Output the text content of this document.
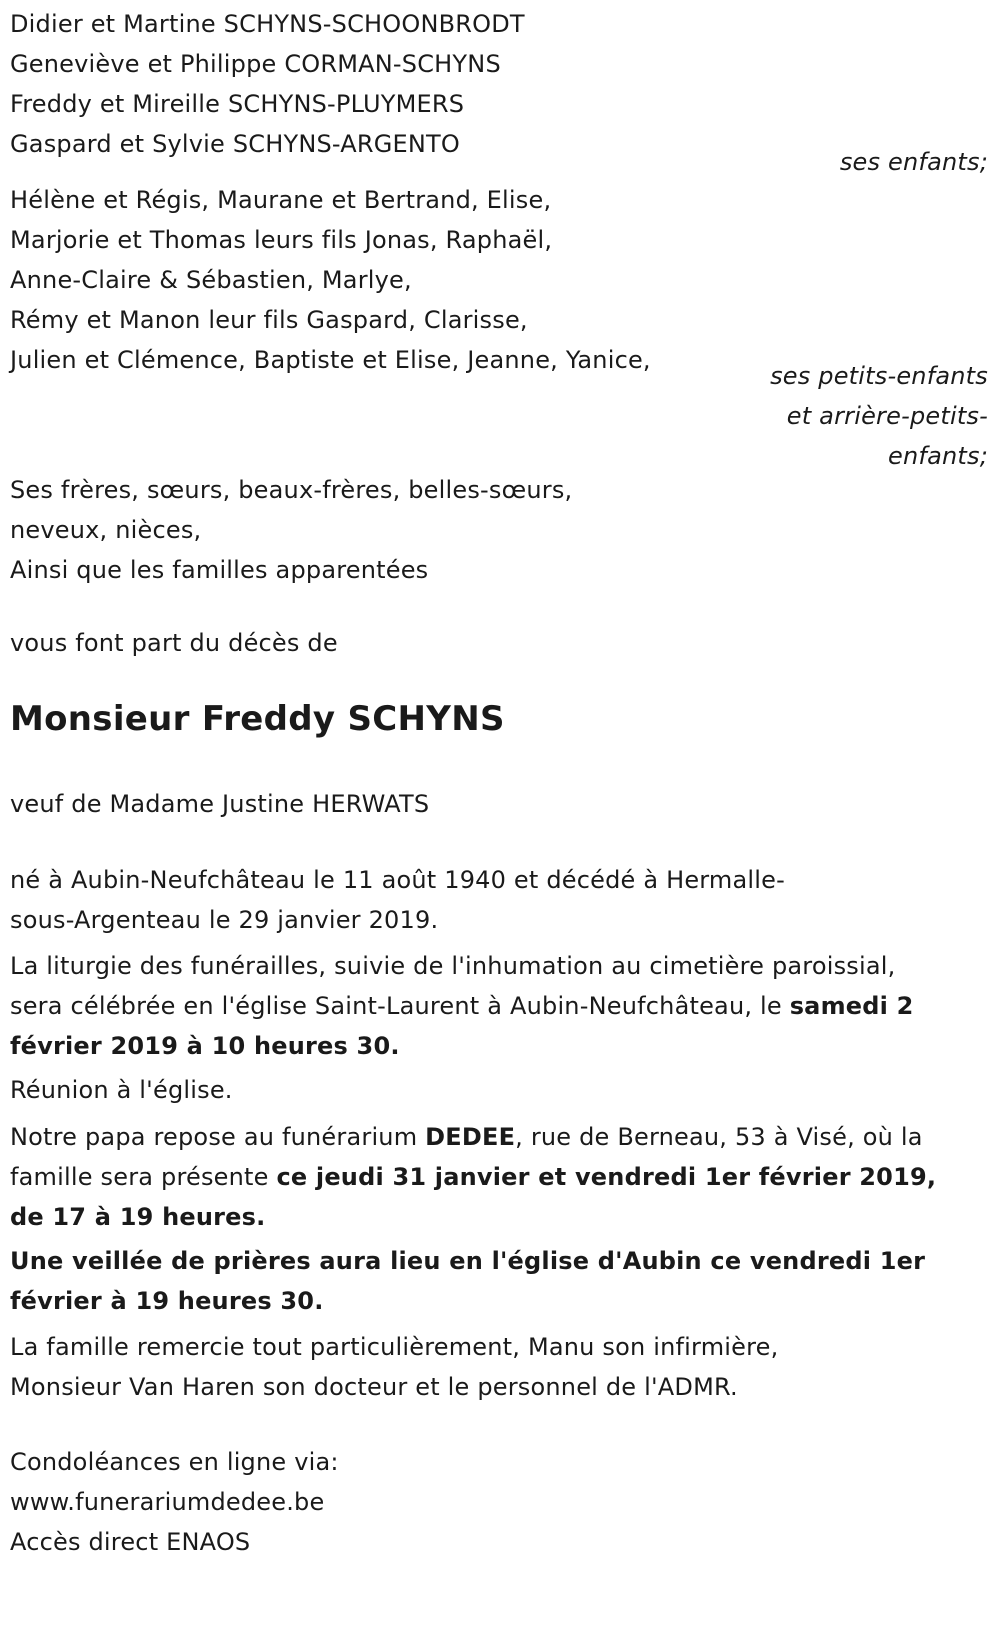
Didier et Martine SCHYNS-SCHOONBRODT
Geneviève et Philippe CORMAN-SCHYNS
Freddy et Mireille SCHYNS-PLUYMERS
Gaspard et Sylvie SCHYNS-ARGENTO
ses enfants;
Hélène et Régis, Maurane et Bertrand, Elise,
Marjorie et Thomas leurs fils Jonas, Raphaël,
Anne-Claire & Sébastien, Marlye,
Rémy et Manon leur fils Gaspard, Clarisse,
Julien et Clémence, Baptiste et Elise, Jeanne, Yanice,
ses petits-enfants
et arrière-petits-
enfants;
Ses frères, sœurs, beaux-frères, belles-sœurs,
neveux, nièces,
Ainsi que les familles apparentées
vous font part du décès de
Monsieur Freddy SCHYNS
veuf de Madame Justine HERWATS
né à Aubin-Neufchâteau le 11 août 1940 et décédé à Hermalle-
sous-Argenteau le 29 janvier 2019.
La liturgie des funérailles, suivie de l'inhumation au cimetière paroissial,
sera célébrée en l'église Saint-Laurent à Aubin-Neufchâteau, le samedi 2
février 2019 à 10 heures 30.
Réunion à l'église.
Notre papa repose au funérarium DEDEE, rue de Berneau, 53 à Visé, où la
famille sera présente ce jeudi 31 janvier et vendredi 1er février 2019,
de 17 à 19 heures.
Une veillée de prières aura lieu en l'église d'Aubin ce vendredi 1er
février à 19 heures 30.
La famille remercie tout particulièrement, Manu son infirmière,
Monsieur Van Haren son docteur et le personnel de l'ADMR.
Condoléances en ligne via:
www.funerariumdedee.be
Accès direct ENAOS
